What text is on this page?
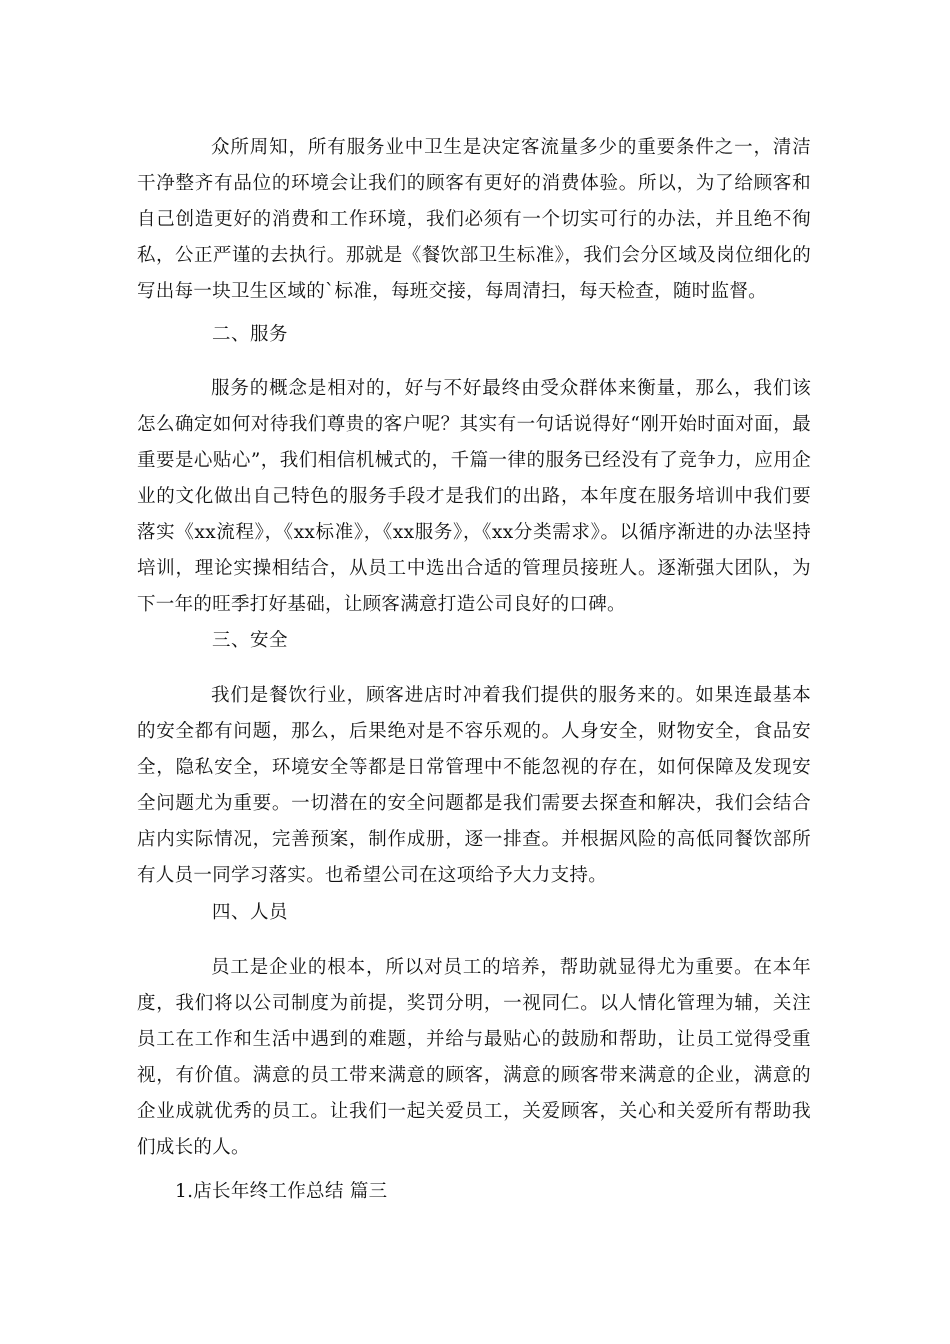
众所周知，所有服务业中卫生是决定客流量多少的重要条件之一，清洁干净整齐有品位的环境会让我们的顾客有更好的消费体验。所以，为了给顾客和自己创造更好的消费和工作环境，我们必须有一个切实可行的办法，并且绝不徇私，公正严谨的去执行。那就是《餐饮部卫生标准》，我们会分区域及岗位细化的写出每一块卫生区域的`标准，每班交接，每周清扫，每天检查，随时监督。

二、服务

服务的概念是相对的，好与不好最终由受众群体来衡量，那么，我们该怎么确定如何对待我们尊贵的客户呢？其实有一句话说得好“刚开始时面对面，最重要是心贴心”，我们相信机械式的，千篇一律的服务已经没有了竞争力，应用企业的文化做出自己特色的服务手段才是我们的出路，本年度在服务培训中我们要落实《xx流程》，《xx标准》，《xx服务》，《xx分类需求》。以循序渐进的办法坚持培训，理论实操相结合，从员工中选出合适的管理员接班人。逐渐强大团队，为下一年的旺季打好基础，让顾客满意打造公司良好的口碑。

三、安全

我们是餐饮行业，顾客进店时冲着我们提供的服务来的。如果连最基本的安全都有问题，那么，后果绝对是不容乐观的。人身安全，财物安全，食品安全，隐私安全，环境安全等都是日常管理中不能忽视的存在，如何保障及发现安全问题尤为重要。一切潜在的安全问题都是我们需要去探查和解决，我们会结合店内实际情况，完善预案，制作成册，逐一排查。并根据风险的高低同餐饮部所有人员一同学习落实。也希望公司在这项给予大力支持。

四、人员

员工是企业的根本，所以对员工的培养，帮助就显得尤为重要。在本年度，我们将以公司制度为前提，奖罚分明，一视同仁。以人情化管理为辅，关注员工在工作和生活中遇到的难题，并给与最贴心的鼓励和帮助，让员工觉得受重视，有价值。满意的员工带来满意的顾客，满意的顾客带来满意的企业，满意的企业成就优秀的员工。让我们一起关爱员工，关爱顾客，关心和关爱所有帮助我们成长的人。

1.店长年终工作总结 篇三
